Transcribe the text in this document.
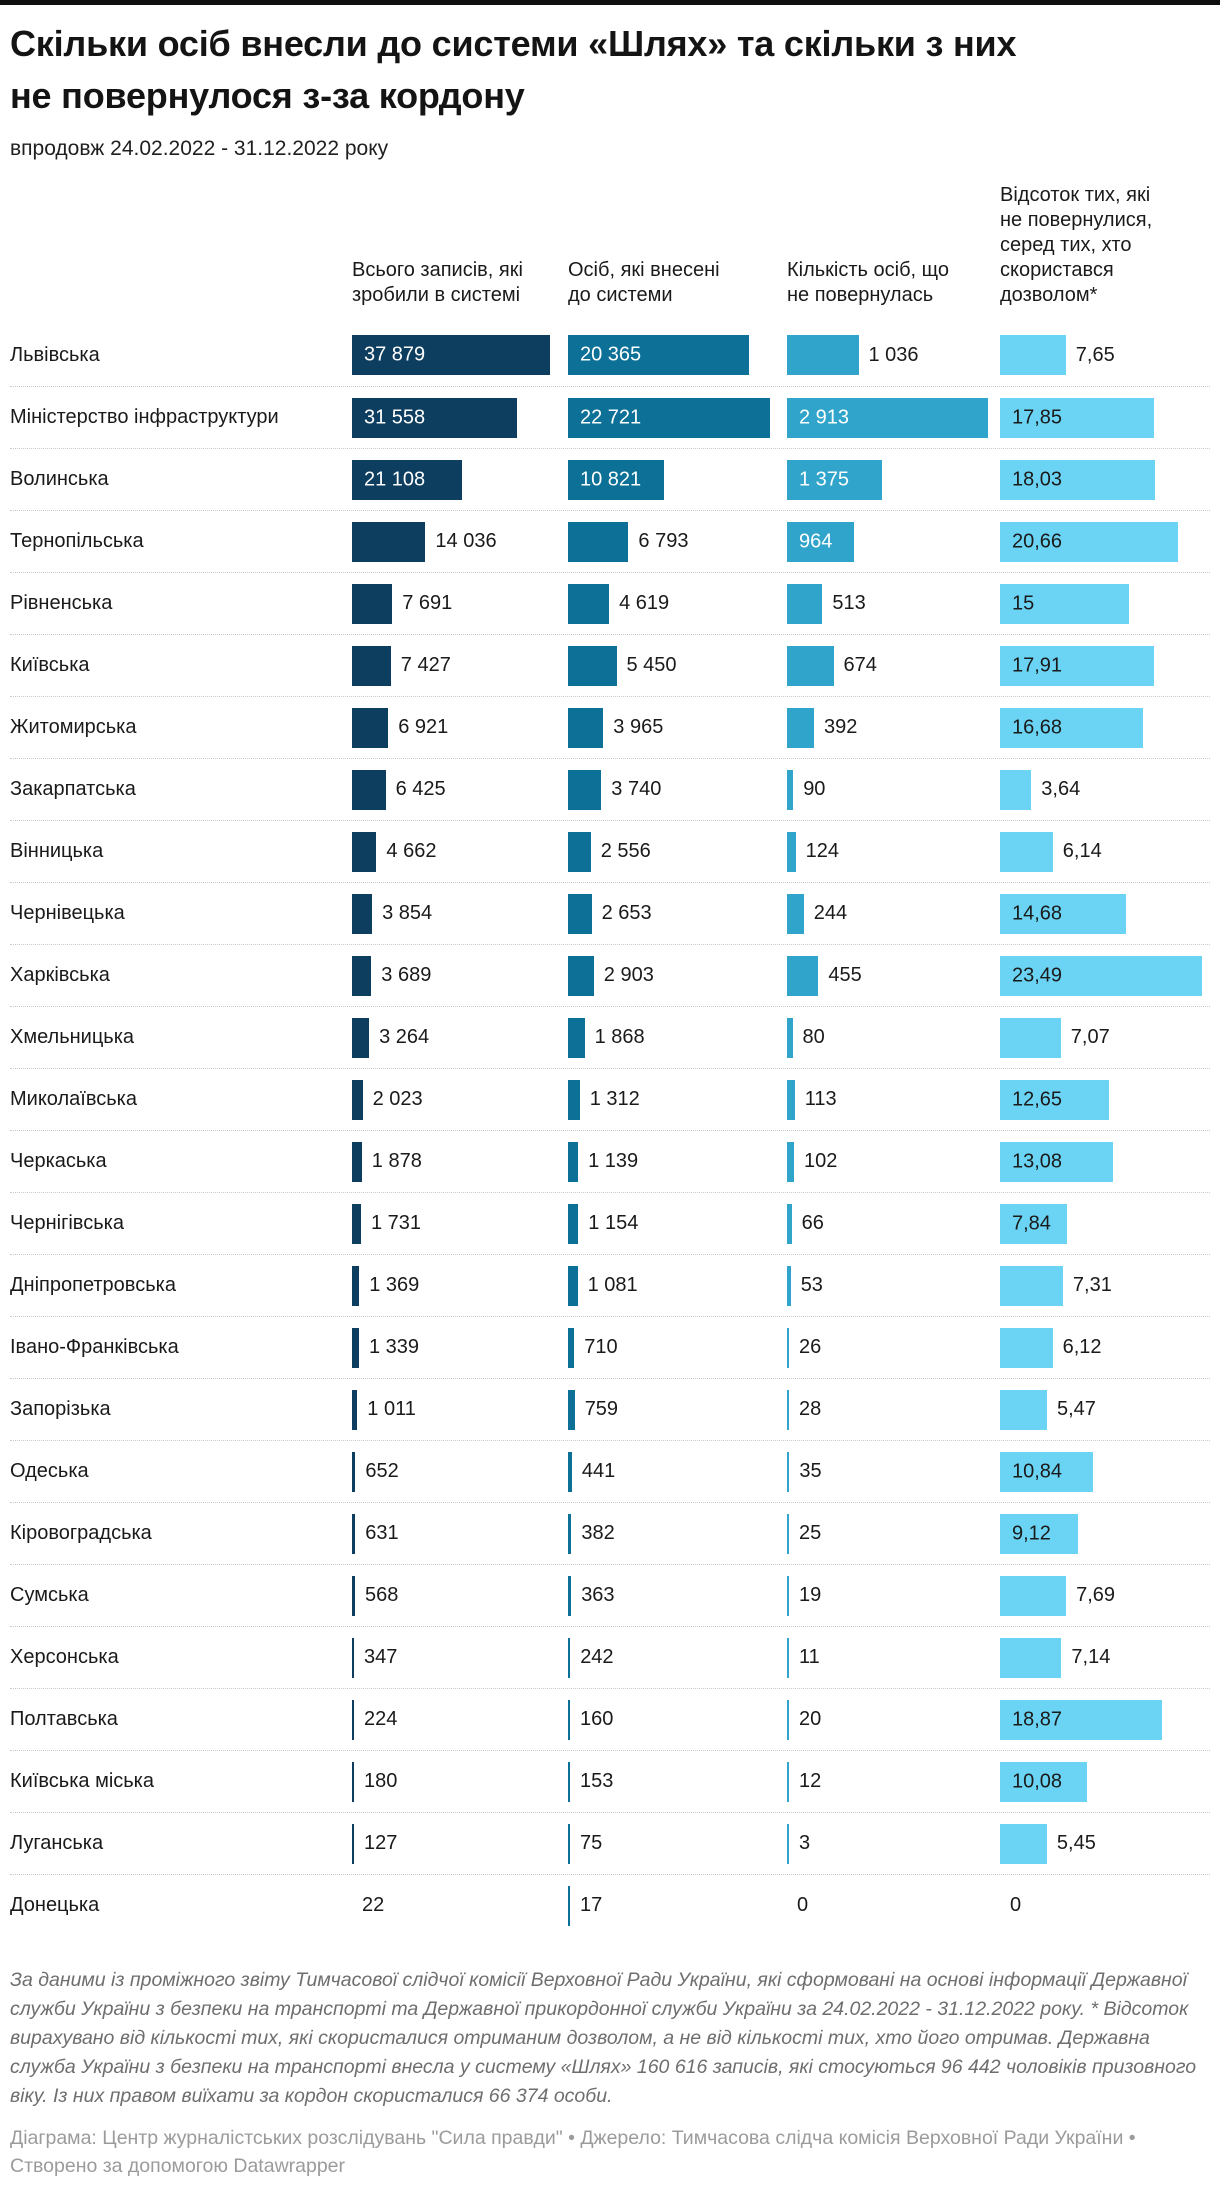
Скільки осіб внесли до системи «Шлях» та скільки з них не повернулося з-за кордону
впродовж 24.02.2022 - 31.12.2022 року
Всього записів, які зробили в системі
Осіб, які внесені до системи
Кількість осіб, що не повернулась
Відсоток тих, які не повернулися, серед тих, хто скористався дозволом*
Львівська	37 879	20 365	1 036	7,65
Міністерство інфраструктури	31 558	22 721	2 913	17,85
Волинська	21 108	10 821	1 375	18,03
Тернопільська	14 036	6 793	964	20,66
Рівненська	7 691	4 619	513	15
Київська	7 427	5 450	674	17,91
Житомирська	6 921	3 965	392	16,68
Закарпатська	6 425	3 740	90	3,64
Вінницька	4 662	2 556	124	6,14
Чернівецька	3 854	2 653	244	14,68
Харківська	3 689	2 903	455	23,49
Хмельницька	3 264	1 868	80	7,07
Миколаївська	2 023	1 312	113	12,65
Черкаська	1 878	1 139	102	13,08
Чернігівська	1 731	1 154	66	7,84
Дніпропетровська	1 369	1 081	53	7,31
Івано-Франківська	1 339	710	26	6,12
Запорізька	1 011	759	28	5,47
Одеська	652	441	35	10,84
Кіровоградська	631	382	25	9,12
Сумська	568	363	19	7,69
Херсонська	347	242	11	7,14
Полтавська	224	160	20	18,87
Київська міська	180	153	12	10,08
Луганська	127	75	3	5,45
Донецька	22	17	0	0
За даними із проміжного звіту Тимчасової слідчої комісії Верховної Ради України, які сформовані на основі інформації Державної служби України з безпеки на транспорті та Державної прикордонної служби України за 24.02.2022 - 31.12.2022 року. * Відсоток вирахувано від кількості тих, які скористалися отриманим дозволом, а не від кількості тих, хто його отримав. Державна служба України з безпеки на транспорті внесла у систему «Шлях» 160 616 записів, які стосуються 96 442 чоловіків призовного віку. Із них правом виїхати за кордон скористалися 66 374 особи.
Діаграма: Центр журналістських розслідувань "Сила правди" • Джерело: Тимчасова слідча комісія Верховної Ради України • Створено за допомогою Datawrapper
